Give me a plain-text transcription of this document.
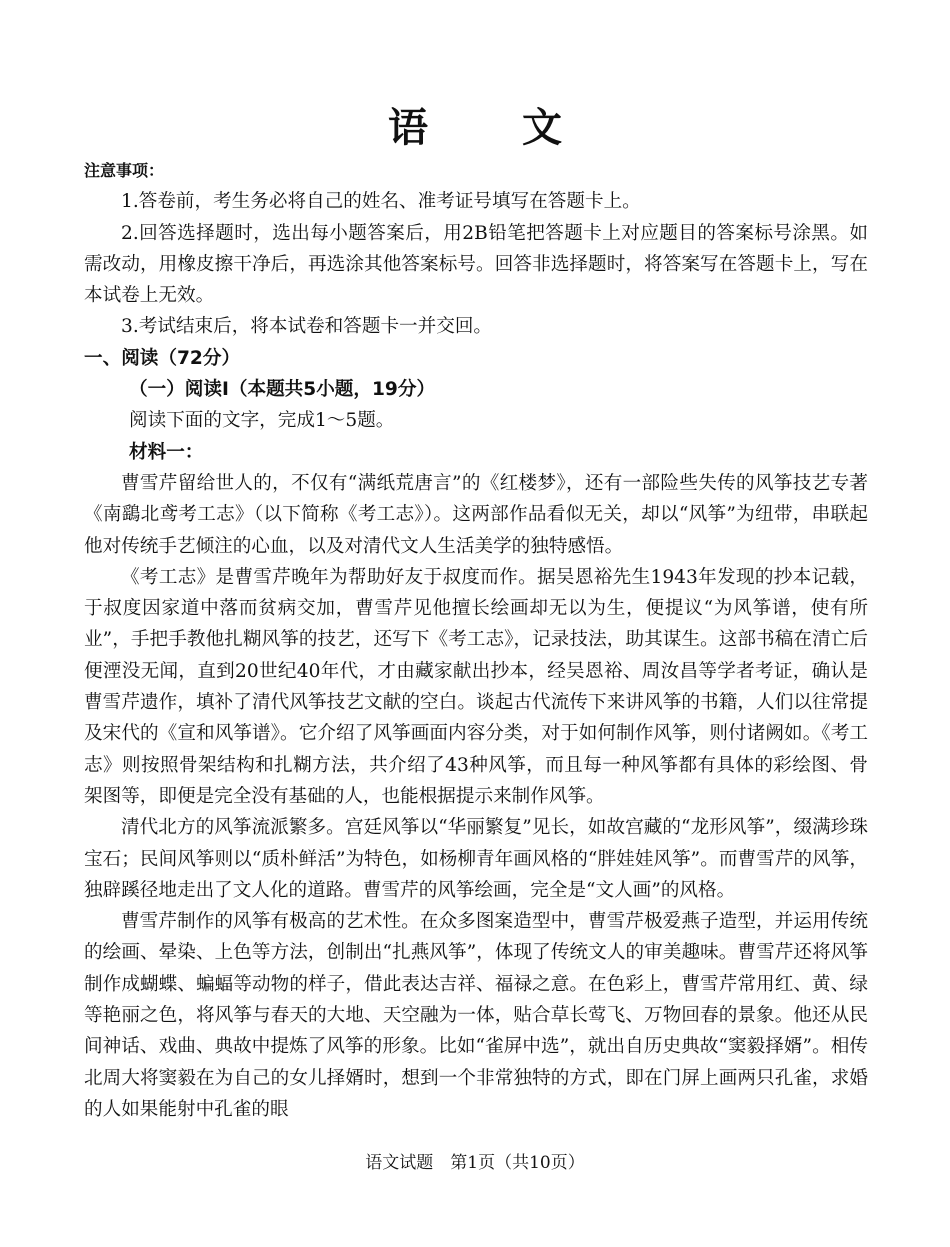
语 文

注意事项：

1.答卷前，考生务必将自己的姓名、准考证号填写在答题卡上。

2.回答选择题时，选出每小题答案后，用2B铅笔把答题卡上对应题目的答案标号涂黑。如需改动，用橡皮擦干净后，再选涂其他答案标号。回答非选择题时，将答案写在答题卡上，写在本试卷上无效。

3.考试结束后，将本试卷和答题卡一并交回。

一、阅读（72分）

（一）阅读Ⅰ（本题共5小题，19分）

阅读下面的文字，完成1～5题。

材料一：

曹雪芹留给世人的，不仅有“满纸荒唐言”的《红楼梦》，还有一部险些失传的风筝技艺专著《南鷂北鸢考工志》（以下简称《考工志》）。这两部作品看似无关，却以“风筝”为纽带，串联起他对传统手艺倾注的心血，以及对清代文人生活美学的独特感悟。

《考工志》是曹雪芹晚年为帮助好友于叔度而作。据吴恩裕先生1943年发现的抄本记载，于叔度因家道中落而贫病交加，曹雪芹见他擅长绘画却无以为生，便提议“为风筝谱，使有所业”，手把手教他扎糊风筝的技艺，还写下《考工志》，记录技法，助其谋生。这部书稿在清亡后便湮没无闻，直到20世纪40年代，才由藏家献出抄本，经吴恩裕、周汝昌等学者考证，确认是曹雪芹遗作，填补了清代风筝技艺文献的空白。谈起古代流传下来讲风筝的书籍，人们以往常提及宋代的《宣和风筝谱》。它介绍了风筝画面内容分类，对于如何制作风筝，则付诸阙如。《考工志》则按照骨架结构和扎糊方法，共介绍了43种风筝，而且每一种风筝都有具体的彩绘图、骨架图等，即便是完全没有基础的人，也能根据提示来制作风筝。

清代北方的风筝流派繁多。宫廷风筝以“华丽繁复”见长，如故宫藏的“龙形风筝”，缀满珍珠宝石；民间风筝则以“质朴鲜活”为特色，如杨柳青年画风格的“胖娃娃风筝”。而曹雪芹的风筝，独辟蹊径地走出了文人化的道路。曹雪芹的风筝绘画，完全是“文人画”的风格。

曹雪芹制作的风筝有极高的艺术性。在众多图案造型中，曹雪芹极爱燕子造型，并运用传统的绘画、晕染、上色等方法，创制出“扎燕风筝”，体现了传统文人的审美趣味。曹雪芹还将风筝制作成蝴蝶、蝙蝠等动物的样子，借此表达吉祥、福禄之意。在色彩上，曹雪芹常用红、黄、绿等艳丽之色，将风筝与春天的大地、天空融为一体，贴合草长莺飞、万物回春的景象。他还从民间神话、戏曲、典故中提炼了风筝的形象。比如“雀屏中选”，就出自历史典故“窦毅择婿”。相传北周大将窦毅在为自己的女儿择婿时，想到一个非常独特的方式，即在门屏上画两只孔雀，求婚的人如果能射中孔雀的眼

语文试题　第1页（共10页）
